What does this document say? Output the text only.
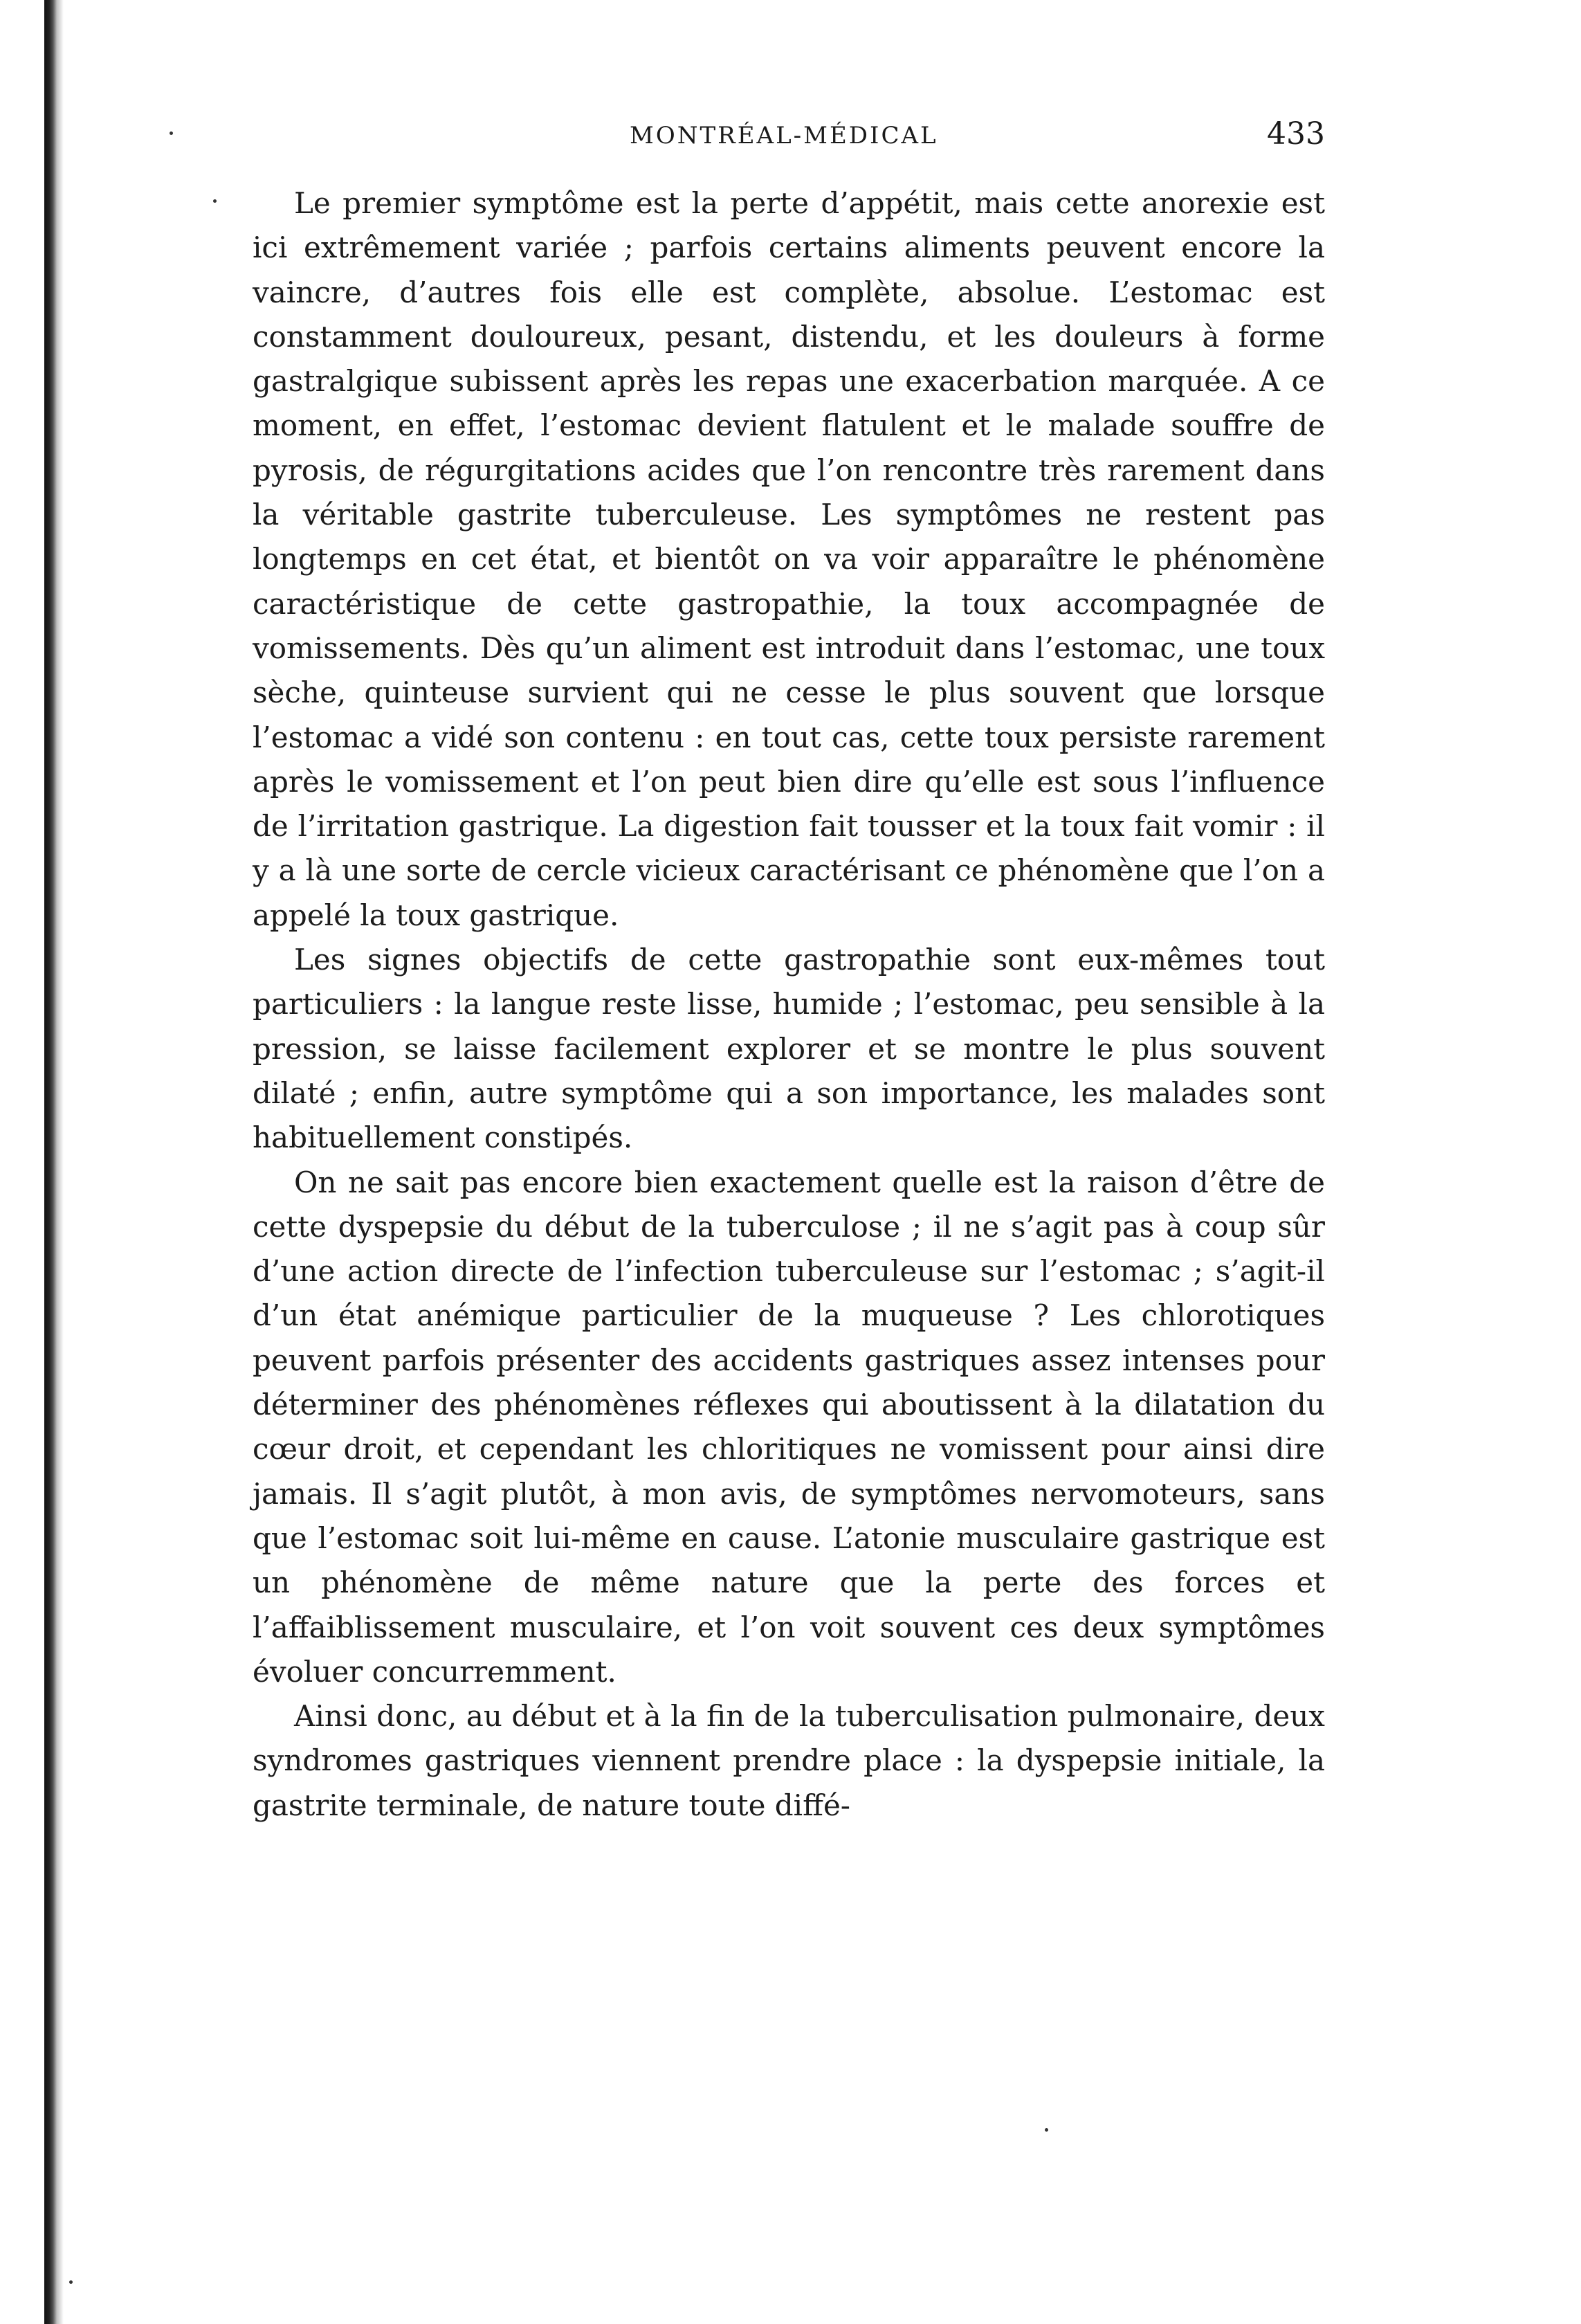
MONTRÉAL-MÉDICAL	433

Le premier symptôme est la perte d’appétit, mais cette anorexie est ici extrêmement variée ; parfois certains aliments peuvent encore la vaincre, d’autres fois elle est complète, absolue. L’estomac est constamment douloureux, pesant, distendu, et les douleurs à forme gastralgique subissent après les repas une exacerbation marquée. A ce moment, en effet, l’estomac devient flatulent et le malade souffre de pyrosis, de régurgitations acides que l’on rencontre très rarement dans la véritable gastrite tuberculeuse. Les symptômes ne restent pas longtemps en cet état, et bientôt on va voir apparaître le phénomène caractéristique de cette gastropathie, la toux accompagnée de vomissements. Dès qu’un aliment est introduit dans l’estomac, une toux sèche, quinteuse survient qui ne cesse le plus souvent que lorsque l’estomac a vidé son contenu : en tout cas, cette toux persiste rarement après le vomissement et l’on peut bien dire qu’elle est sous l’influence de l’irritation gastrique. La digestion fait tousser et la toux fait vomir : il y a là une sorte de cercle vicieux caractérisant ce phénomène que l’on a appelé la toux gastrique.

Les signes objectifs de cette gastropathie sont eux-mêmes tout particuliers : la langue reste lisse, humide ; l’estomac, peu sensible à la pression, se laisse facilement explorer et se montre le plus souvent dilaté ; enfin, autre symptôme qui a son importance, les malades sont habituellement constipés.

On ne sait pas encore bien exactement quelle est la raison d’être de cette dyspepsie du début de la tuberculose ; il ne s’agit pas à coup sûr d’une action directe de l’infection tuberculeuse sur l’estomac ; s’agit-il d’un état anémique particulier de la muqueuse ? Les chlorotiques peuvent parfois présenter des accidents gastriques assez intenses pour déterminer des phénomènes réflexes qui aboutissent à la dilatation du cœur droit, et cependant les chloritiques ne vomissent pour ainsi dire jamais. Il s’agit plutôt, à mon avis, de symptômes nervomoteurs, sans que l’estomac soit lui-même en cause. L’atonie musculaire gastrique est un phénomène de même nature que la perte des forces et l’affaiblissement musculaire, et l’on voit souvent ces deux symptômes évoluer concurremment.

Ainsi donc, au début et à la fin de la tuberculisation pulmonaire, deux syndromes gastriques viennent prendre place : la dyspepsie initiale, la gastrite terminale, de nature toute diffé-
